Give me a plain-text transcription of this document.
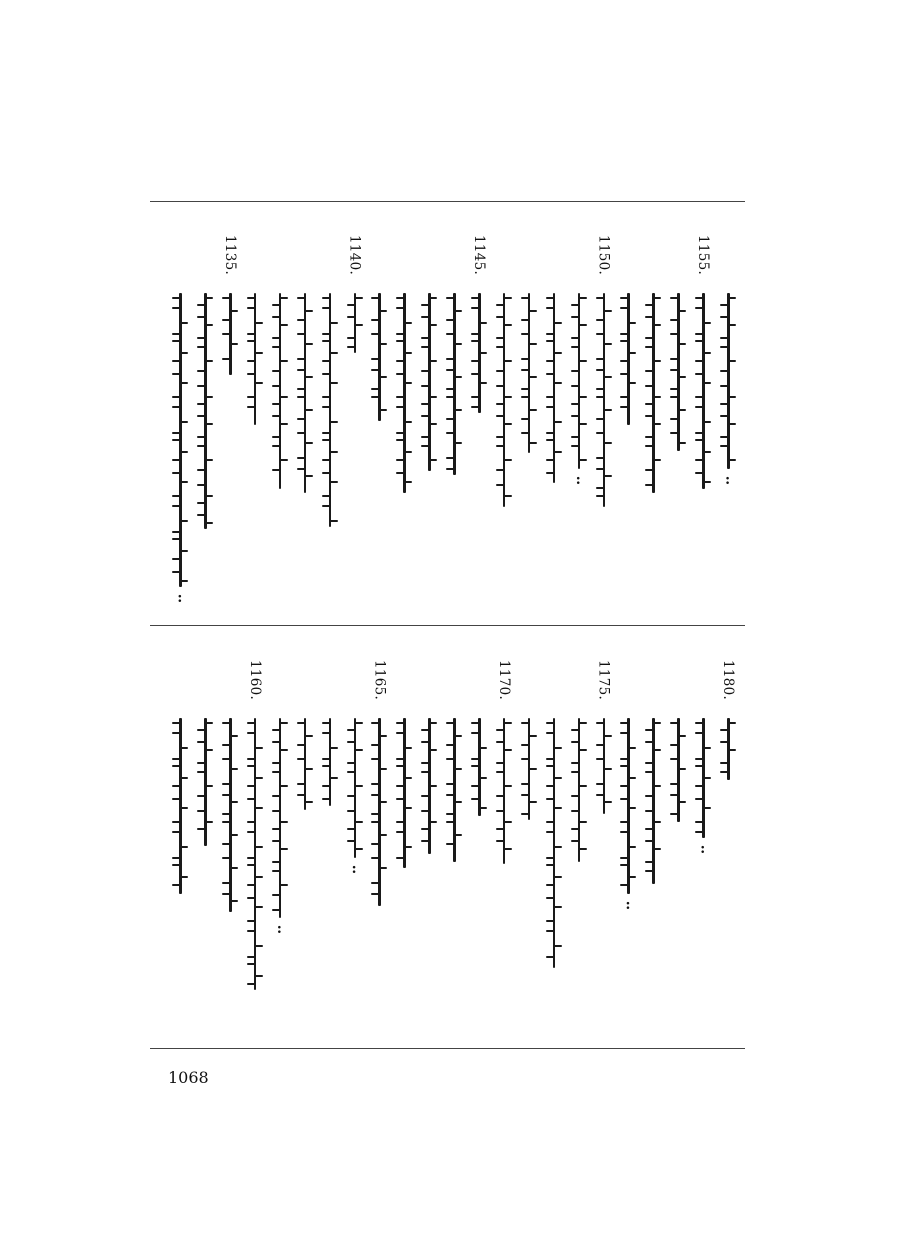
:
1155.
1150.
:
1145.
1140.
1135.
:
1180.
:
:
1175.
1170.
1165.
:
:
1160.
1068
